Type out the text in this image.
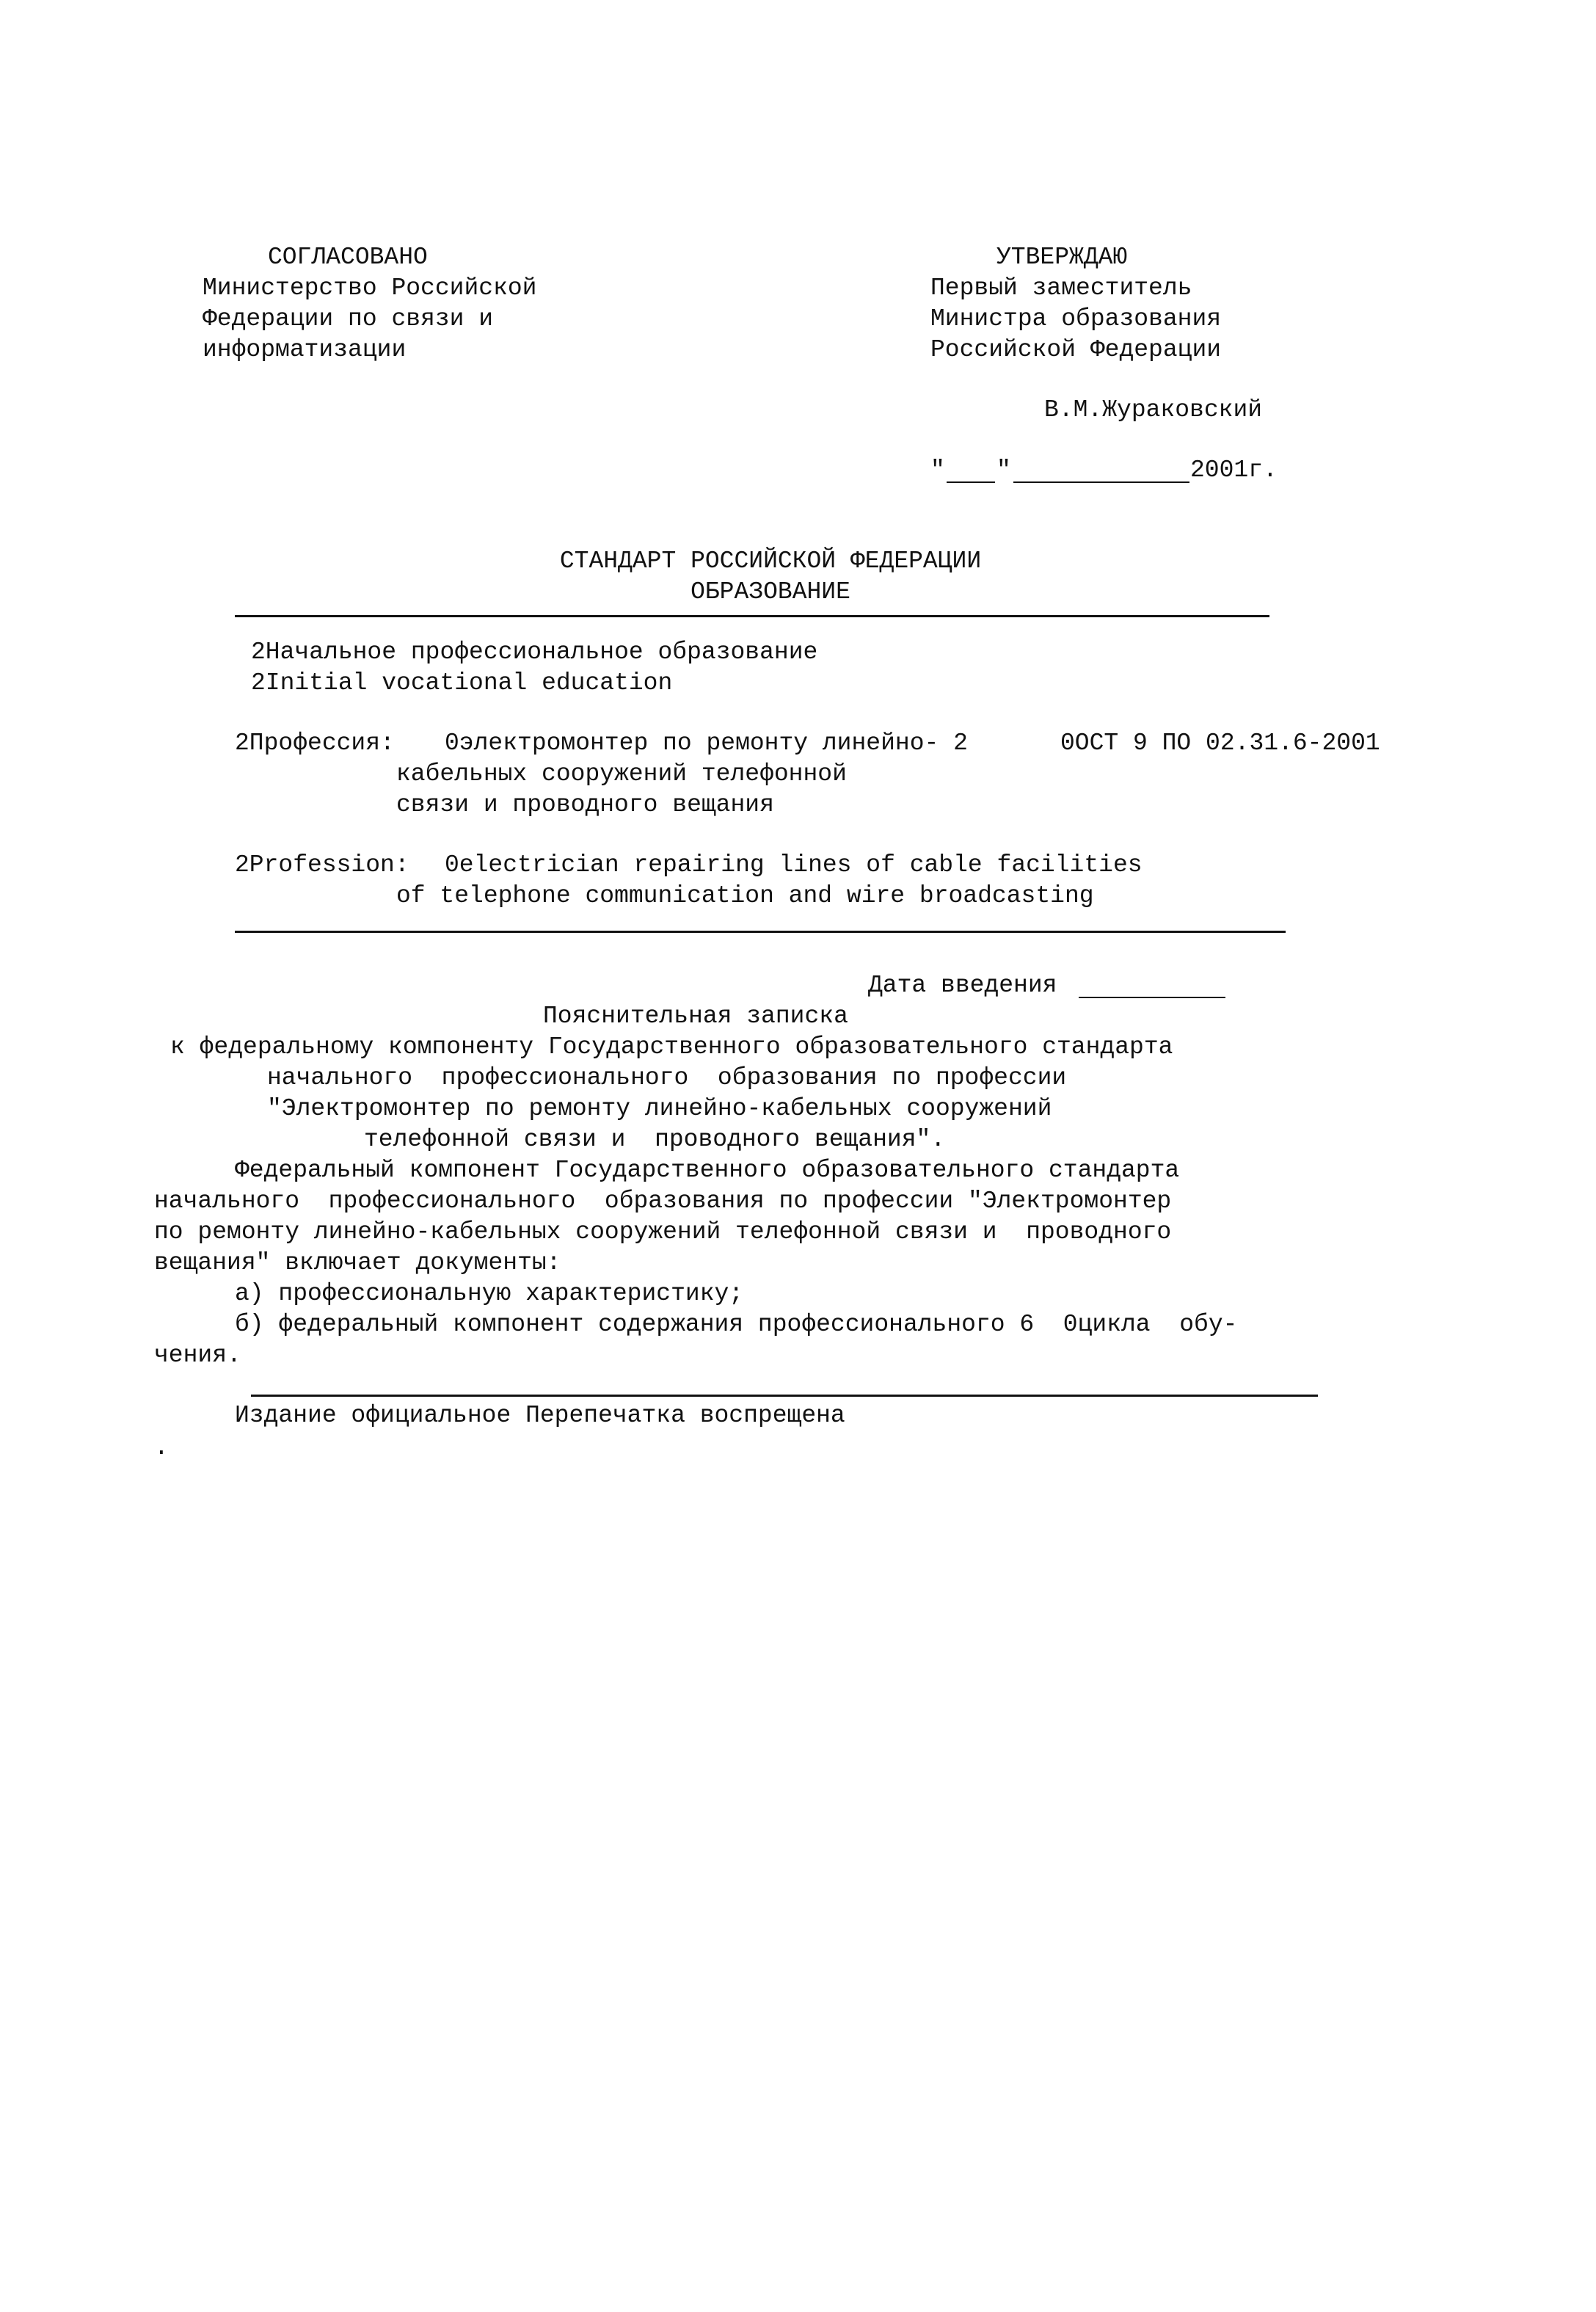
СОГЛАСОВАНО
Министерство Российской
Федерации по связи и
информатизации
УТВЕРЖДАЮ
Первый заместитель
Министра образования
Российской Федерации
В.М.Жураковский
" "	2001г.
СТАНДАРТ РОССИЙСКОЙ ФЕДЕРАЦИИ
ОБРАЗОВАНИЕ
2Начальное профессиональное образование
2Initial vocational education
2Профессия: 0электромонтер по ремонту линейно- 2	0ОСТ 9 ПО 02.31.6-2001
кабельных сооружений телефонной
связи и проводного вещания
2Profession: 0electrician repairing lines of cable facilities
of telephone communication and wire broadcasting
Дата введения
Пояснительная записка
к федеральному компоненту Государственного образовательного стандарта
начального  профессионального  образования по профессии
"Электромонтер по ремонту линейно-кабельных сооружений
телефонной связи и  проводного вещания".
Федеральный компонент Государственного образовательного стандарта
начального  профессионального  образования по профессии "Электромонтер
по ремонту линейно-кабельных сооружений телефонной связи и  проводного
вещания" включает документы:
а) профессиональную характеристику;
б) федеральный компонент содержания профессионального 6  0цикла  обу-
чения.
Издание официальное Перепечатка воспрещена
.
